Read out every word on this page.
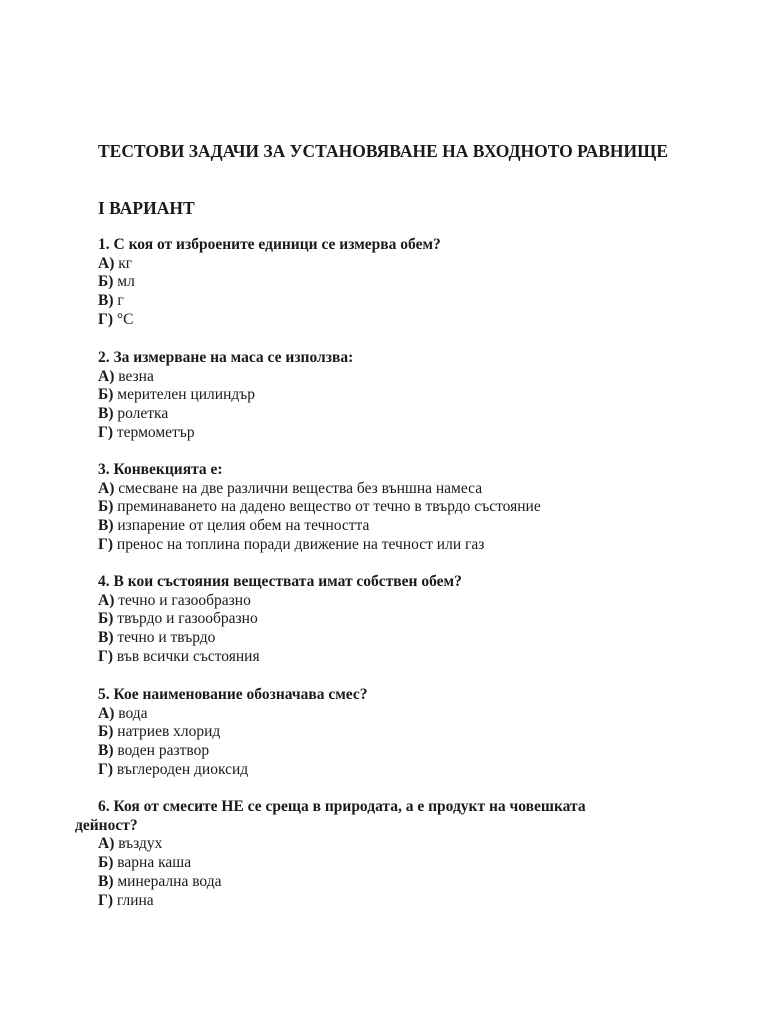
ТЕСТОВИ ЗАДАЧИ ЗА УСТАНОВЯВАНЕ НА ВХОДНОТО РАВНИЩЕ
I ВАРИАНТ

1. С коя от изброените единици се измерва обем?

А) кг

Б) мл

В) г

Г) °С

2. За измерване на маса се използва:

А) везна

Б) мерителен цилиндър

В) ролетка

Г) термометър

3. Конвекцията е:

А) смесване на две различни вещества без външна намеса

Б) преминаването на дадено вещество от течно в твърдо състояние

В) изпарение от целия обем на течността

Г) пренос на топлина поради движение на течност или газ

4. В кои състояния веществата имат собствен обем?

А) течно и газообразно

Б) твърдо и газообразно

В) течно и твърдо

Г) във всички състояния

5. Кое наименование обозначава смес?

А) вода

Б) натриев хлорид

В) воден разтвор

Г) въглероден диоксид

6. Коя от смесите НЕ се среща в природата, а е продукт на човешката
дейност?

А) въздух

Б) варна каша

В) минерална вода

Г) глина
